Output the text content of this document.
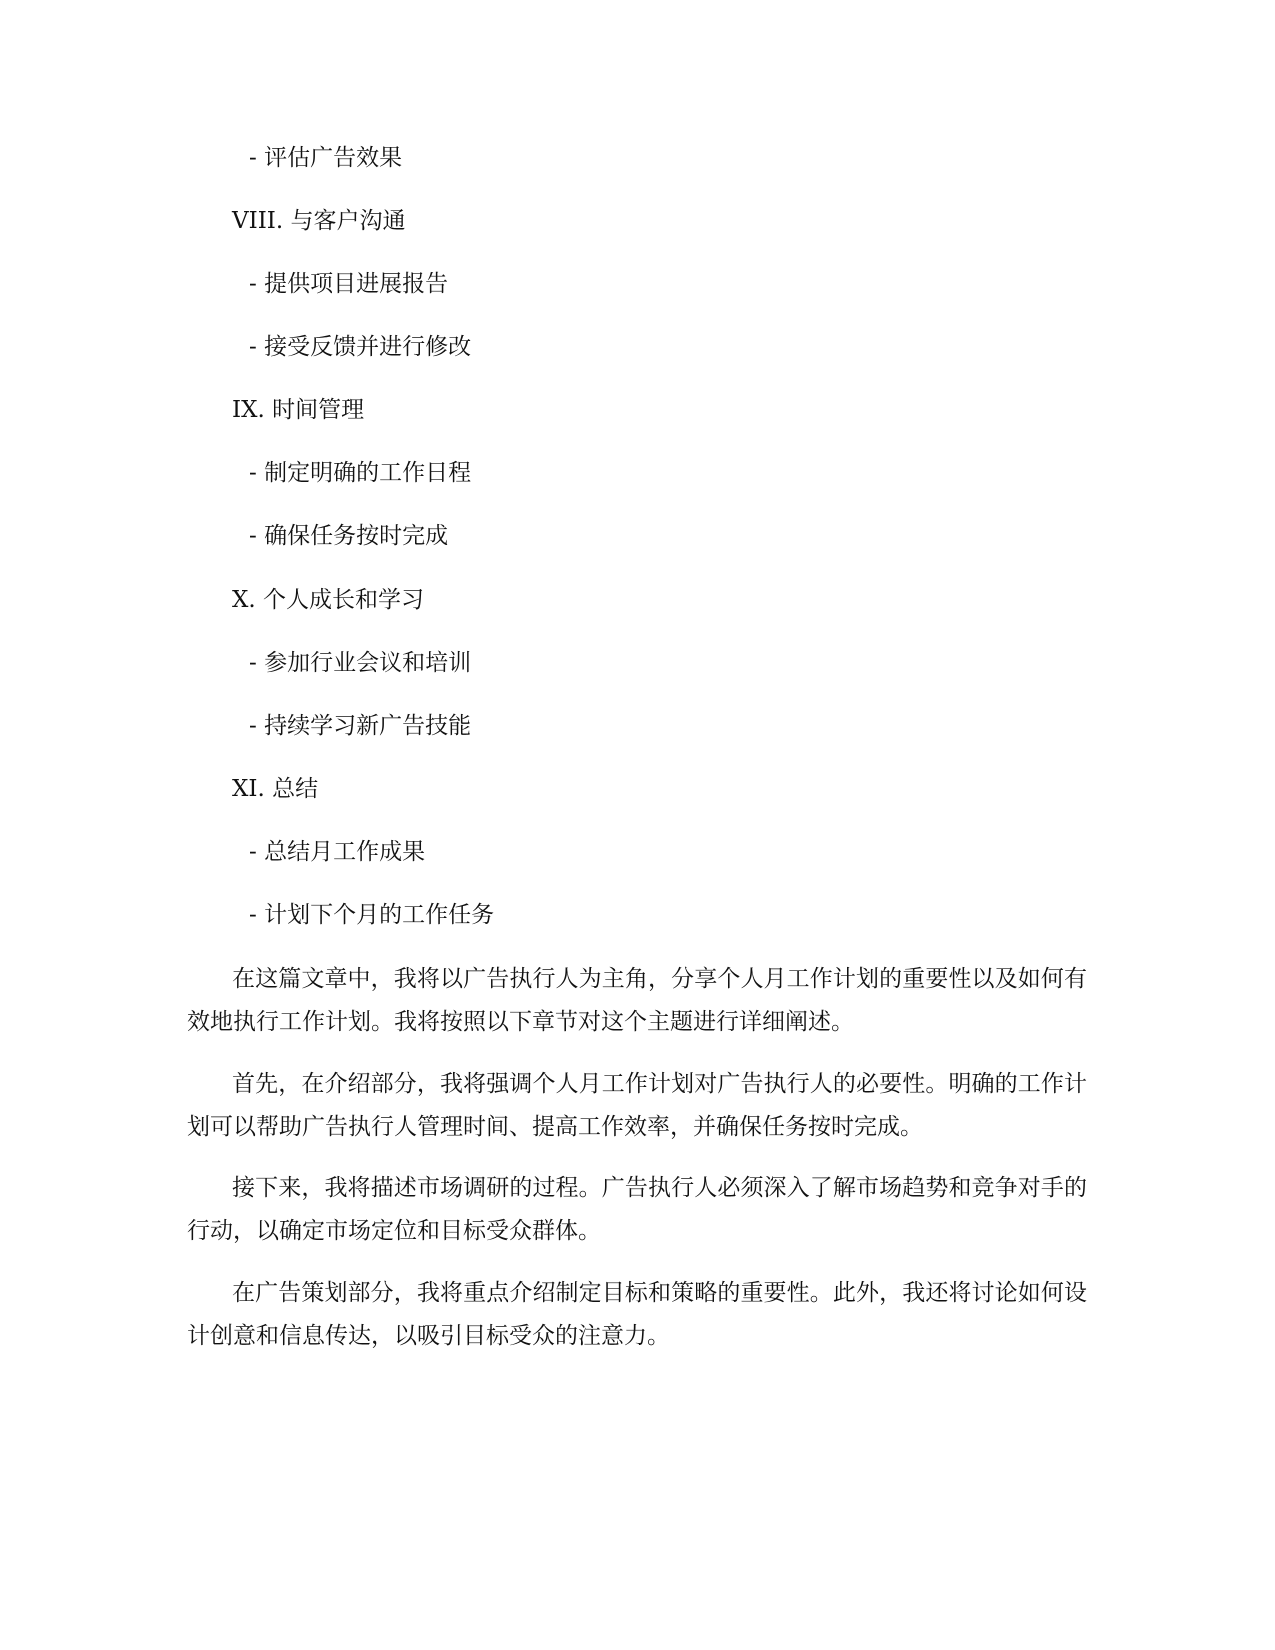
- 评估广告效果

VIII. 与客户沟通

- 提供项目进展报告

- 接受反馈并进行修改

IX. 时间管理

- 制定明确的工作日程

- 确保任务按时完成

X. 个人成长和学习

- 参加行业会议和培训

- 持续学习新广告技能

XI. 总结

- 总结月工作成果

- 计划下个月的工作任务

在这篇文章中，我将以广告执行人为主角，分享个人月工作计划的重要性以及如何有效地执行工作计划。我将按照以下章节对这个主题进行详细阐述。

首先，在介绍部分，我将强调个人月工作计划对广告执行人的必要性。明确的工作计划可以帮助广告执行人管理时间、提高工作效率，并确保任务按时完成。

接下来，我将描述市场调研的过程。广告执行人必须深入了解市场趋势和竞争对手的行动，以确定市场定位和目标受众群体。

在广告策划部分，我将重点介绍制定目标和策略的重要性。此外，我还将讨论如何设计创意和信息传达，以吸引目标受众的注意力。
